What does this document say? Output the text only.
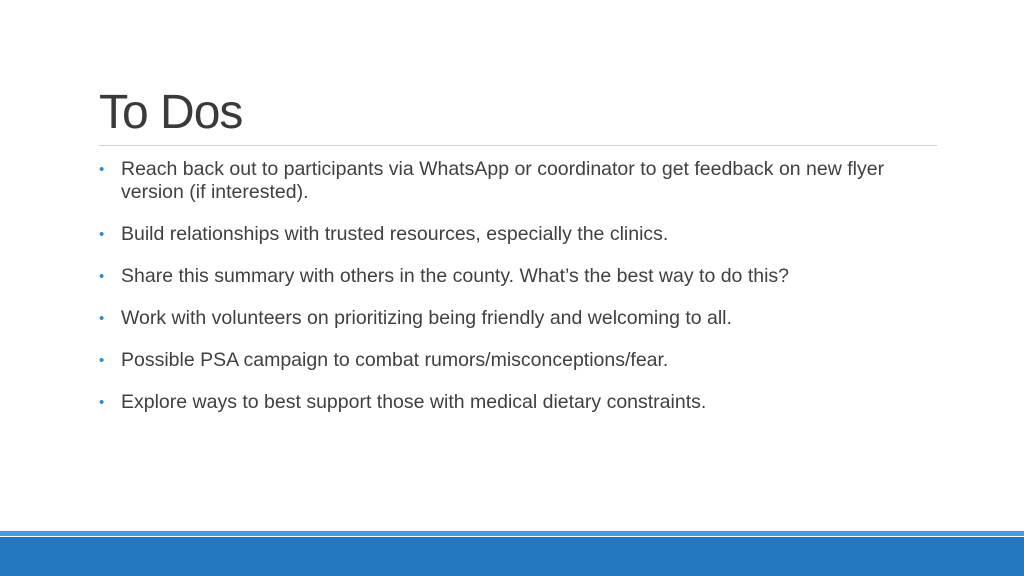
To Dos
• Reach back out to participants via WhatsApp or coordinator to get feedback on new flyer version (if interested).
• Build relationships with trusted resources, especially the clinics.
• Share this summary with others in the county. What’s the best way to do this?
• Work with volunteers on prioritizing being friendly and welcoming to all.
• Possible PSA campaign to combat rumors/misconceptions/fear.
• Explore ways to best support those with medical dietary constraints.
